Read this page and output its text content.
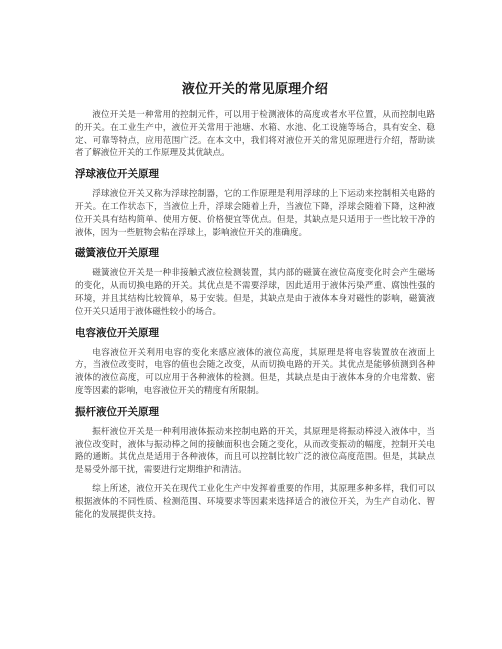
液位开关的常见原理介绍

液位开关是一种常用的控制元件，可以用于检测液体的高度或者水平位置，从而控制电路的开关。在工业生产中，液位开关常用于池塘、水箱、水池、化工设施等场合，具有安全、稳定、可靠等特点，应用范围广泛。在本文中，我们将对液位开关的常见原理进行介绍，帮助读者了解液位开关的工作原理及其优缺点。

浮球液位开关原理

浮球液位开关又称为浮球控制器，它的工作原理是利用浮球的上下运动来控制相关电路的开关。在工作状态下，当液位上升，浮球会随着上升，当液位下降，浮球会随着下降，这种液位开关具有结构简单、使用方便、价格便宜等优点。但是，其缺点是只适用于一些比较干净的液体，因为一些脏物会粘在浮球上，影响液位开关的准确度。

磁簧液位开关原理

磁簧液位开关是一种非接触式液位检测装置，其内部的磁簧在液位高度变化时会产生磁场的变化，从而切换电路的开关。其优点是不需要浮球，因此适用于液体污染严重、腐蚀性强的环境，并且其结构比较简单，易于安装。但是，其缺点是由于液体本身对磁性的影响，磁簧液位开关只适用于液体磁性较小的场合。

电容液位开关原理

电容液位开关利用电容的变化来感应液体的液位高度，其原理是将电容装置放在液面上方，当液位改变时，电容的值也会随之改变，从而切换电路的开关。其优点是能够侦测到各种液体的液位高度，可以应用于各种液体的检测。但是，其缺点是由于液体本身的介电常数、密度等因素的影响，电容液位开关的精度有所限制。

振杆液位开关原理

振杆液位开关是一种利用液体振动来控制电路的开关，其原理是将振动棒浸入液体中，当液位改变时，液体与振动棒之间的接触面积也会随之变化，从而改变振动的幅度，控制开关电路的通断。其优点是适用于各种液体，而且可以控制比较广泛的液位高度范围。但是，其缺点是易受外部干扰，需要进行定期维护和清洁。

综上所述，液位开关在现代工业化生产中发挥着重要的作用，其原理多种多样，我们可以根据液体的不同性质、检测范围、环境要求等因素来选择适合的液位开关，为生产自动化、智能化的发展提供支持。
